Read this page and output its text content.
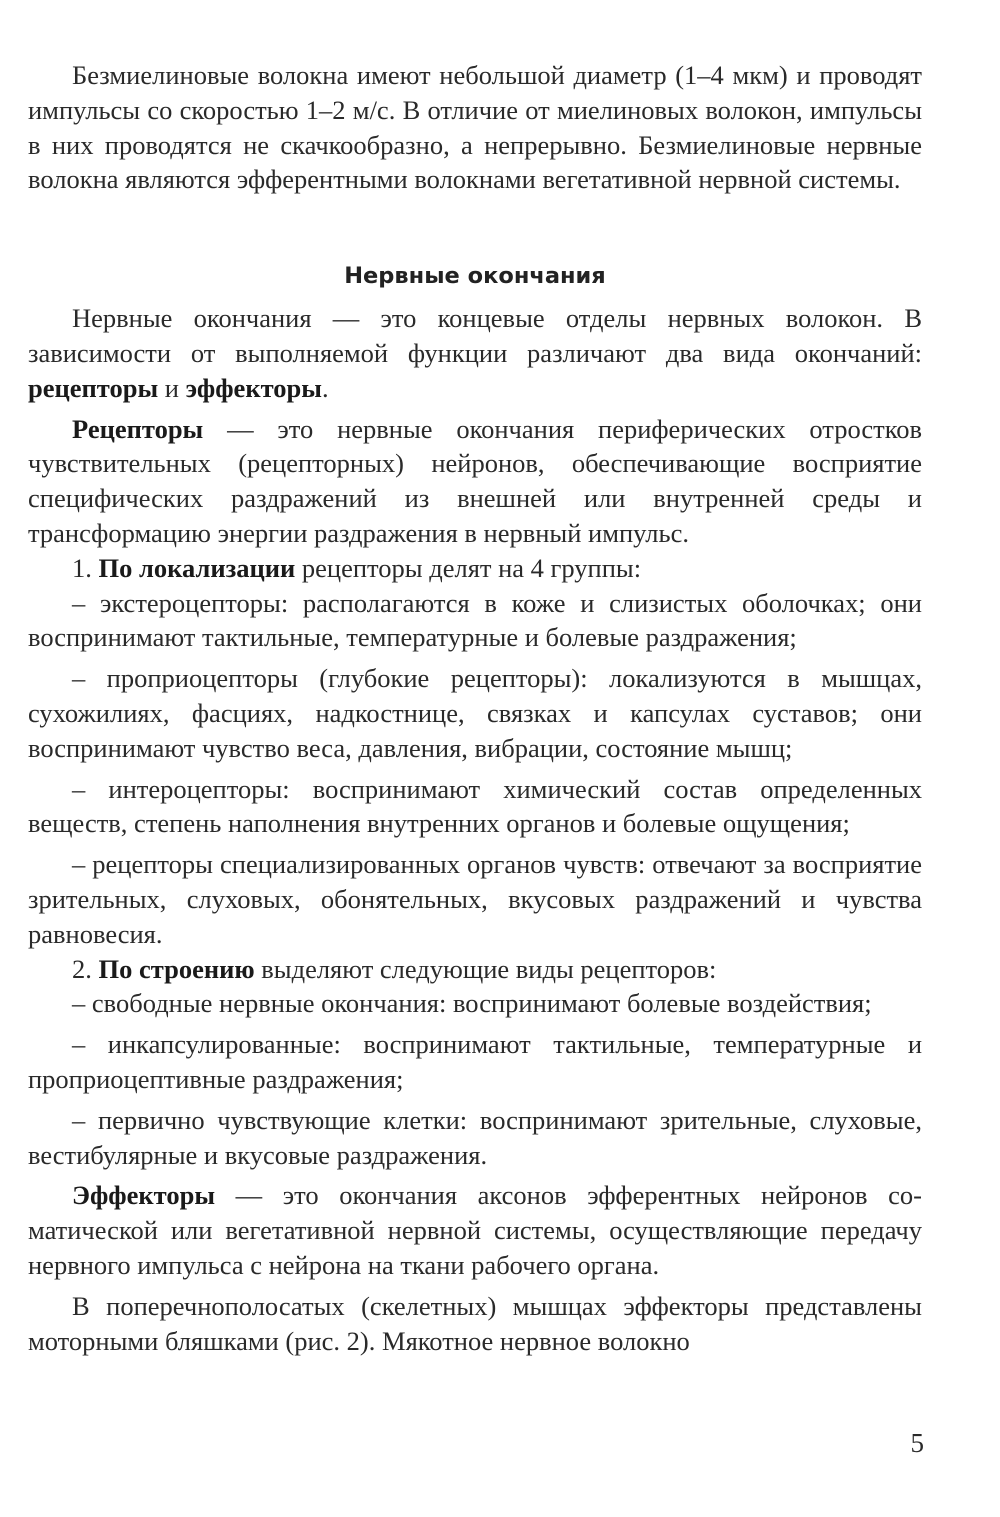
Безмиелиновые волокна имеют небольшой диаметр (1–4 мкм) и проводят импульсы со скоростью 1–2 м/с. В отличие от миелиновых волокон, импульсы в них проводятся не скачкообразно, а непрерывно. Безмиелиновые нервные волокна являются эфферентными волокнами вегетативной нервной системы.

Нервные окончания

Нервные окончания — это концевые отделы нервных волокон. В зависимости от выполняемой функции различают два вида окончаний: рецепторы и эффекторы.

Рецепторы — это нервные окончания периферических отростков чувствительных (рецепторных) нейронов, обеспечивающие восприятие специфических раздражений из внешней или внутренней среды и трансформацию энергии раздражения в нервный импульс.

1. По локализации рецепторы делят на 4 группы:

– экстероцепторы: располагаются в коже и слизистых оболочках; они воспринимают тактильные, температурные и болевые раздражения;

– проприоцепторы (глубокие рецепторы): локализуются в мышцах, сухожилиях, фасциях, надкостнице, связках и капсулах суставов; они воспринимают чувство веса, давления, вибрации, состояние мышц;

– интероцепторы: воспринимают химический состав определенных веществ, степень наполнения внутренних органов и болевые ощущения;

– рецепторы специализированных органов чувств: отвечают за восприятие зрительных, слуховых, обонятельных, вкусовых раздражений и чувства равновесия.

2. По строению выделяют следующие виды рецепторов:

– свободные нервные окончания: воспринимают болевые воздействия;

– инкапсулированные: воспринимают тактильные, температурные и проприоцептивные раздражения;

– первично чувствующие клетки: воспринимают зрительные, слуховые, вестибулярные и вкусовые раздражения.

Эффекторы — это окончания аксонов эфферентных нейронов соматической или вегетативной нервной системы, осуществляющие передачу нервного импульса с нейрона на ткани рабочего органа.

В поперечнополосатых (скелетных) мышцах эффекторы представлены моторными бляшками (рис. 2). Мякотное нервное волокно

5
